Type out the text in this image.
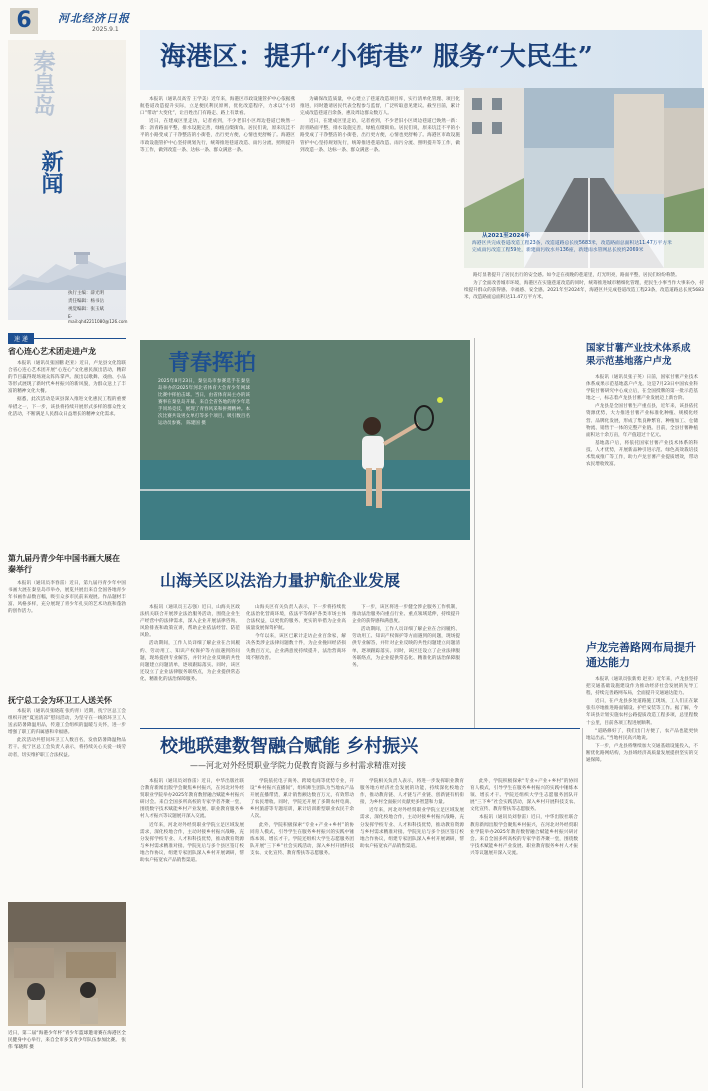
6	河北经济日报
2025.9.1
秦皇岛
新闻
执行主编：薛光明
责任编辑：杨书岳
视觉编辑：张玉斌
E-mail:qhd2211080@126.com
速 递
省心连心艺术团走进卢龙

本报讯（通讯员张国鹏 赵亚）近日，卢龙县文化馆联合省心连心艺术团开展“心连心”文化惠民演出活动，精彩的节目赢得现场观众阵阵掌声。演出以歌舞、戏曲、小品等形式展现了新时代乡村振兴的新风貌，为群众送上了丰富的精神文化大餐。

据悉，此次活动是该县深入推进文化惠民工程的重要举措之一，下一步，该县将持续开展形式多样的群众性文化活动，不断满足人民群众日益增长的精神文化需求。

第九届丹青少年中国书画大展在秦举行

本报讯（通讯员李春雷）近日，第九届丹青少年中国书画大展在秦皇岛市举办，展览共展出来自全国各地青少年书画作品数百幅，吸引众多市民前来观展。作品题材丰富、风格多样，充分展现了青少年扎实的艺术功底和蓬勃的创作活力。

抚宁总工会为环卫工人送关怀

本报讯（通讯员张晓霞 张约青）近期，抚宁区总工会组织开展“夏送清凉”慰问活动，为坚守在一线的环卫工人送去防暑降温用品，传递工会组织的温暖与关怀，进一步增强了职工的归属感和幸福感。

此次活动共慰问环卫工人数百名，发放防暑降温物品若干。抚宁区总工会负责人表示，将持续关心关爱一线劳动者，切实维护职工合法权益。

近日，第二届“海港少年杯”青少年篮球邀请赛在海港区全民健身中心举行，来自全市多支青少年队伍参加比赛。 张伟 邹晓辉 摄
海港区：提升“小街巷” 服务“大民生”
从2021至2024年
海港区共完成巷道改造工程23条，改造道路总长度5683米，改造路面总面积达11.47万平方米
完成雨污改造工程59处，新建雨污收水井136座，新建雨水管网总长度约2069米

本报讯（通讯员高雪 王学美）近年来，海港区市政设施管护中心依据燕航巷道改造提升实际，立足便民利民原则，优化改造程序，力求以“小切口”带动“大变化”，让百姓出门有路走、路上有景看。

近日，在建成区里走访，记者看到，不少老旧小区周边巷道已焕然一新：沥青路面平整，排水设施完善，绿植点缀街角。居民们说，原来坑洼不平的小路变成了干净整洁的小街巷，出行更方便，心情也更舒畅了。海港区市政设施管护中心坚持规划先行，统筹推进巷道改造、雨污分流、照明提升等工作，做到改造一条、达标一条、群众满意一条。

为确保改造质量，中心建立了巷道改造项目库，实行清单化管理、项目化推进，同时邀请居民代表全程参与监督，广泛听取意见建议。截至目前，累计完成改造巷道百余条，惠及周边群众数万人。

近日，在建成区里走访，记者看到，不少老旧小区周边巷道已焕然一新：沥青路面平整，排水设施完善，绿植点缀街角。居民们说，原来坑洼不平的小路变成了干净整洁的小街巷，出行更方便，心情也更舒畅了。海港区市政设施管护中心坚持规划先行，统筹推进巷道改造、雨污分流、照明提升等工作，做到改造一条、达标一条、群众满意一条。

路灯显著提升了居民出行的安全感。如今走在夜晚的巷道里，灯光明亮，路面平整，居民们纷纷称赞。

为了全面改善城市环境，海港区在实施巷道改造的同时，统筹推进城市精细化管理，把民生小事当作大事来办，持续提升群众的获得感、幸福感、安全感。2021年至2024年，海港区共完成巷道改造工程23条，改造道路总长度5683米，改造路面总面积达11.47万平方米。

青春挥拍
2025年8月23日，秦皇岛市参赛选手在秦皇岛举办的2025年河北省体育大会青少年网球比赛中挥拍击球。当日，由省体育局主办的该赛事在秦皇岛开幕，来自全省各地的青少年选手同场竞技，展现了青春风采和拼搏精神。本次比赛共设男女单打等多个项目，吸引数百名运动员参赛。 陈建国 摄
山海关区以法治力量护航企业发展

本报讯（通讯员王志强）近日，山海关区政法机关联合开展涉企法治服务活动，围绕企业生产经营中的法律需求，深入企业开展法律咨询、风险排查和政策宣讲，帮助企业依法经营、防范风险。

活动期间，工作人员详细了解企业在合同履约、劳动用工、知识产权保护等方面遇到的问题，现场提供专业解答，并针对企业反映的共性问题建立问题清单，逐项跟踪落实。同时，该区还设立了企业法律服务联络点，为企业提供常态化、精准化的法治保障服务。

山海关区有关负责人表示，下一步将持续优化法治化营商环境，依法平等保护各类市场主体合法权益，以更优的服务、更实的举措为企业高质量发展保驾护航。

今年以来，该区已累计走访企业百余家，解决各类涉企法律问题数十件，为企业挽回经济损失数百万元，企业满意度持续提升，法治营商环境不断改善。

下一步，该区将进一步健全涉企服务工作机制，推动法治服务向重点行业、重点领域延伸，持续提升企业的获得感和满意度。

活动期间，工作人员详细了解企业在合同履约、劳动用工、知识产权保护等方面遇到的问题，现场提供专业解答，并针对企业反映的共性问题建立问题清单，逐项跟踪落实。同时，该区还设立了企业法律服务联络点，为企业提供常态化、精准化的法治保障服务。

国家甘薯产业技术体系成果示范基地落户卢龙

本报讯（通讯员张子英）日前，国家甘薯产业技术体系成果示范基地落户卢龙。这是7月23日中国农业科学院甘薯研究中心成立后，在全国授牌的第一批示范基地之一，标志着卢龙县甘薯产业发展迈上新台阶。

卢龙县是全国甘薯生产重点县，近年来，该县依托资源优势，大力推进甘薯产业标准化种植、规模化经营、品牌化发展，形成了集良种繁育、种植加工、仓储物流、销售于一体的完整产业链。目前，全县甘薯种植面积达十余万亩，年产值超过十亿元。

基地落户后，将依托国家甘薯产业技术体系的科技、人才优势，开展新品种引进示范、绿色高效栽培技术集成推广等工作，助力卢龙甘薯产业提质增效，带动农民增收致富。

卢龙完善路网布局提升通达能力

本报讯（通讯员张新勇 赵亚）近年来，卢龙县坚持把交通基础设施建设作为推动经济社会发展的先导工程，持续完善路网布局，全面提升交通通达能力。

近日，在卢龙县多处道路施工现场，工人们正在紧张有序地推进路面铺设、护栏安装等工作。据了解，今年该县计划实施农村公路提质改造工程多项，总里程数十公里，目前各项工程进展顺利。

“道路修好了，我们出门方便了，农产品也能更快地运出去。”当地村民高兴地说。

下一步，卢龙县将继续加大交通基础设施投入，不断优化路网结构，为县域经济高质量发展提供坚实的交通保障。

校地联建数智融合赋能 乡村振兴
——河北对外经贸职业学院力促教育资源与乡村需求精准对接

本报讯（通讯员刘春雷）近日，中华出版社联合教育新闻出版学会聚焦乡村振兴，在河北对外经贸职业学院举办2025年教育数智融合赋能乡村振兴研讨会。来自全国多所高校的专家学者齐聚一堂，围绕数字技术赋能乡村产业发展、职业教育服务乡村人才振兴等议题展开深入交流。

近年来，河北对外经贸职业学院立足区域发展需求，深化校地合作，主动对接乡村振兴战略，充分发挥学校专业、人才和科技优势，推动教育资源与乡村需求精准对接。学院先后与多个县区签订校地合作协议，组建专家团队深入乡村开展调研，帮助农户拓宽农产品销售渠道。

学院依托电子商务、跨境电商等优势专业，开设“乡村振兴直播间”，组织师生团队为当地农产品开展直播带货，累计销售额达数百万元，有效带动了农民增收。同时，学院还开展了多期农村电商、乡村旅游等专题培训，累计培训新型职业农民千余人次。

此外，学院积极探索“专业+产业+乡村”的协同育人模式，引导学生在服务乡村振兴的实践中锤炼本领、增长才干。学院还组织大学生志愿服务团队开展“三下乡”社会实践活动，深入乡村开展科技支农、文化宣传、教育帮扶等志愿服务。

学院相关负责人表示，将进一步发挥职业教育服务地方经济社会发展的功能，持续深化校地合作，推动教育链、人才链与产业链、创新链有机衔接，为乡村全面振兴贡献更多智慧和力量。

近年来，河北对外经贸职业学院立足区域发展需求，深化校地合作，主动对接乡村振兴战略，充分发挥学校专业、人才和科技优势，推动教育资源与乡村需求精准对接。学院先后与多个县区签订校地合作协议，组建专家团队深入乡村开展调研，帮助农户拓宽农产品销售渠道。

此外，学院积极探索“专业+产业+乡村”的协同育人模式，引导学生在服务乡村振兴的实践中锤炼本领、增长才干。学院还组织大学生志愿服务团队开展“三下乡”社会实践活动，深入乡村开展科技支农、文化宣传、教育帮扶等志愿服务。

本报讯（通讯员刘春雷）近日，中华出版社联合教育新闻出版学会聚焦乡村振兴，在河北对外经贸职业学院举办2025年教育数智融合赋能乡村振兴研讨会。来自全国多所高校的专家学者齐聚一堂，围绕数字技术赋能乡村产业发展、职业教育服务乡村人才振兴等议题展开深入交流。
